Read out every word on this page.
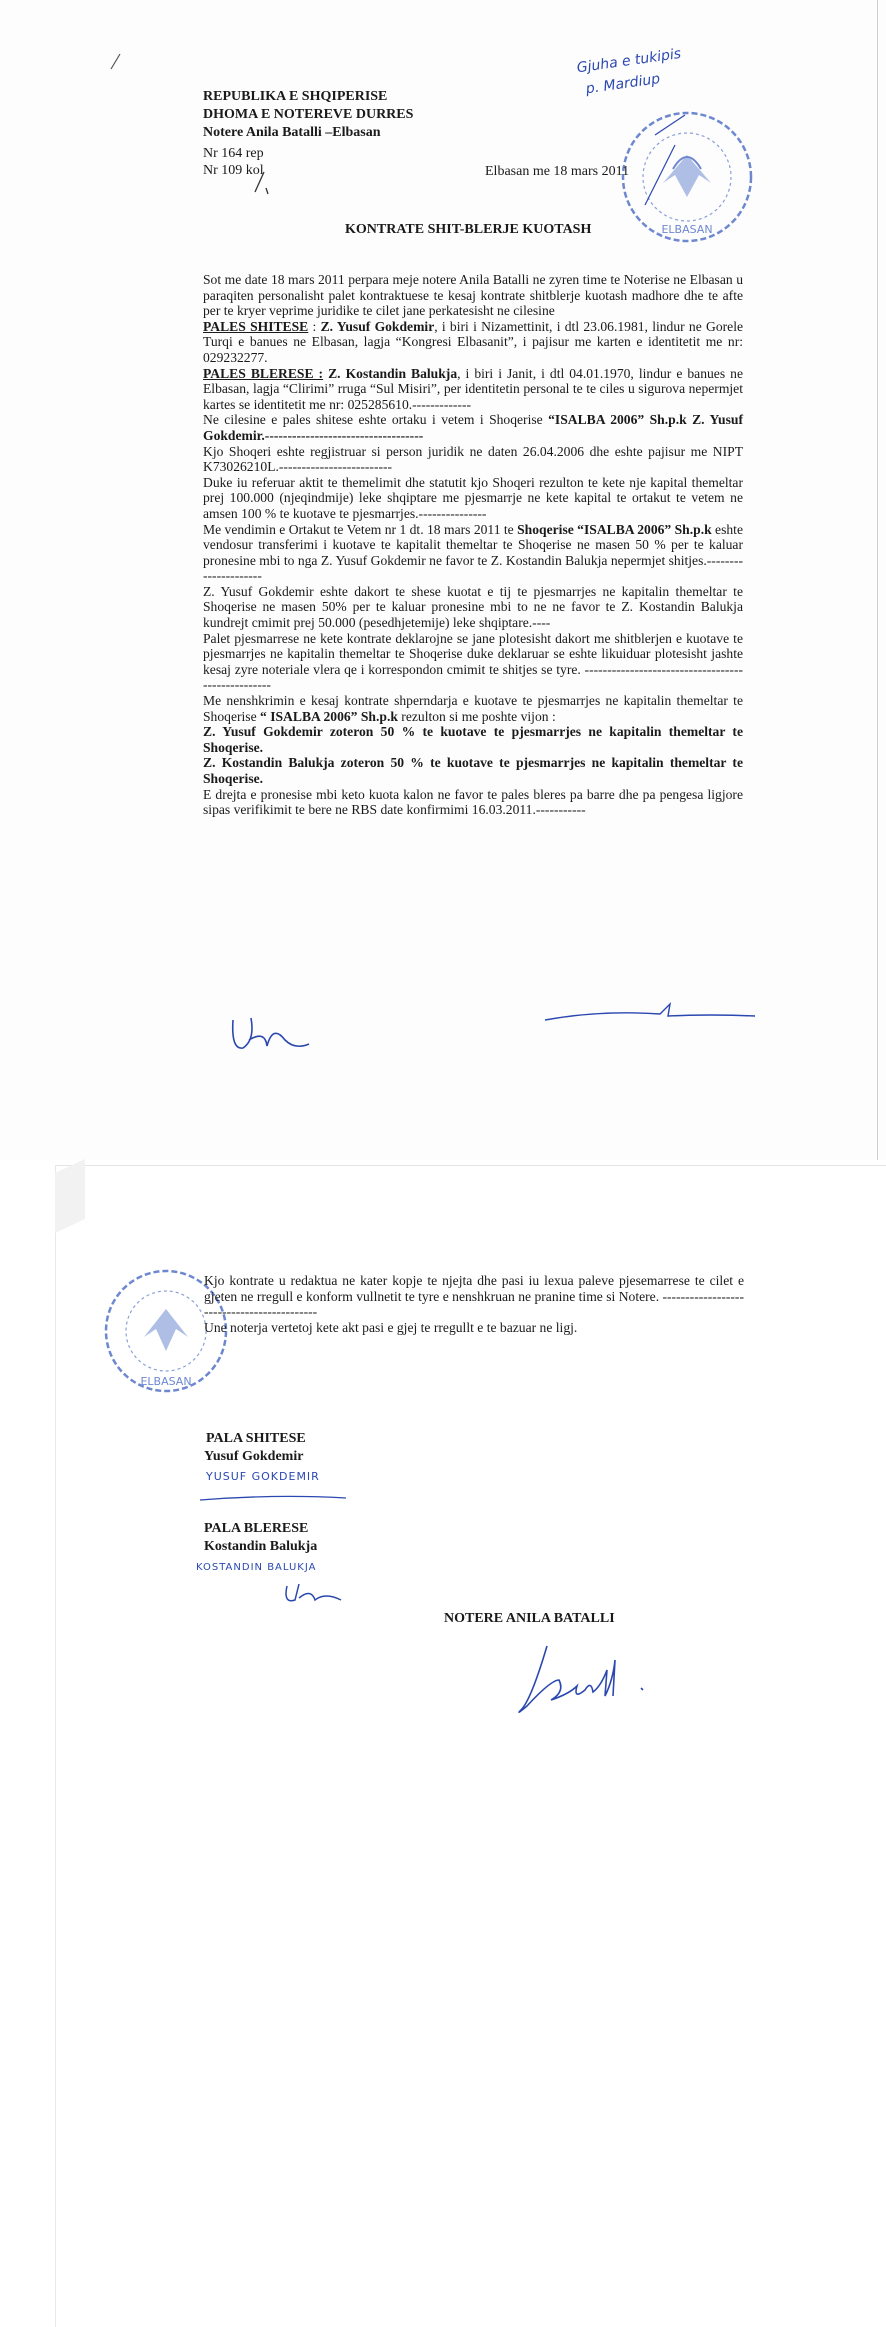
Gjuha e tukipis
p. Mardiup
ELBASAN
REPUBLIKA E SHQIPERISE
DHOMA E NOTEREVE DURRES
Notere Anila Batalli –Elbasan
Nr 164 rep
Nr 109 kol	Elbasan me 18 mars 2011
KONTRATE SHIT-BLERJE KUOTASH

Sot me date 18 mars 2011 perpara meje notere Anila Batalli ne zyren time te Noterise ne Elbasan u paraqiten personalisht palet kontraktuese te kesaj kontrate shitblerje kuotash madhore dhe te afte per te kryer veprime juridike te cilet jane perkatesisht ne cilesine

PALES SHITESE : Z. Yusuf Gokdemir, i biri i Nizamettinit, i dtl 23.06.1981, lindur ne Gorele Turqi e banues ne Elbasan, lagja “Kongresi Elbasanit”, i pajisur me karten e identitetit me nr: 029232277.

PALES BLERESE : Z. Kostandin Balukja, i biri i Janit, i dtl 04.01.1970, lindur e banues ne Elbasan, lagja “Clirimi” rruga “Sul Misiri”, per identitetin personal te te ciles u sigurova nepermjet kartes se identitetit me nr: 025285610.-------------

Ne cilesine e pales shitese eshte ortaku i vetem i Shoqerise “ISALBA 2006” Sh.p.k Z. Yusuf Gokdemir.-----------------------------------

Kjo Shoqeri eshte regjistruar si person juridik ne daten 26.04.2006 dhe eshte pajisur me NIPT K73026210L.-------------------------

Duke iu referuar aktit te themelimit dhe statutit kjo Shoqeri rezulton te kete nje kapital themeltar prej 100.000 (njeqindmije) leke shqiptare me pjesmarrje ne kete kapital te ortakut te vetem ne amsen 100 % te kuotave te pjesmarrjes.---------------

Me vendimin e Ortakut te Vetem nr 1 dt. 18 mars 2011 te Shoqerise “ISALBA 2006” Sh.p.k eshte vendosur transferimi i kuotave te kapitalit themeltar te Shoqerise ne masen 50 % per te kaluar pronesine mbi to nga Z. Yusuf Gokdemir ne favor te Z. Kostandin Balukja nepermjet shitjes.---------------------

Z. Yusuf Gokdemir eshte dakort te shese kuotat e tij te pjesmarrjes ne kapitalin themeltar te Shoqerise ne masen 50% per te kaluar pronesine mbi to ne ne favor te Z. Kostandin Balukja kundrejt cmimit prej 50.000 (pesedhjetemije) leke shqiptare.----

Palet pjesmarrese ne kete kontrate deklarojne se jane plotesisht dakort me shitblerjen e kuotave te pjesmarrjes ne kapitalin themeltar te Shoqerise duke deklaruar se eshte likuiduar plotesisht jashte kesaj zyre noteriale vlera qe i korrespondon cmimit te shitjes se tyre. --------------------------------------------------

Me nenshkrimin e kesaj kontrate shperndarja e kuotave te pjesmarrjes ne kapitalin themeltar te Shoqerise “ ISALBA 2006” Sh.p.k rezulton si me poshte vijon :

Z. Yusuf Gokdemir zoteron 50 % te kuotave te pjesmarrjes ne kapitalin themeltar te Shoqerise.

Z. Kostandin Balukja zoteron 50 % te kuotave te pjesmarrjes ne kapitalin themeltar te Shoqerise.

E drejta e pronesise mbi keto kuota kalon ne favor te pales bleres pa barre dhe pa pengesa ligjore sipas verifikimit te bere ne RBS date konfirmimi 16.03.2011.-----------

ELBASAN

Kjo kontrate u redaktua ne kater kopje te njejta dhe pasi iu lexua paleve pjesemarrese te cilet e gjeten ne rregull e konform vullnetit te tyre e nenshkruan ne pranine time si Notere. -------------------------------------------

Une noterja vertetoj kete akt pasi e gjej te rregullt e te bazuar ne ligj.

PALA SHITESE
Yusuf Gokdemir
YUSUF GOKDEMIR
PALA BLERESE
Kostandin Balukja
KOSTANDIN BALUKJA
NOTERE ANILA BATALLI
